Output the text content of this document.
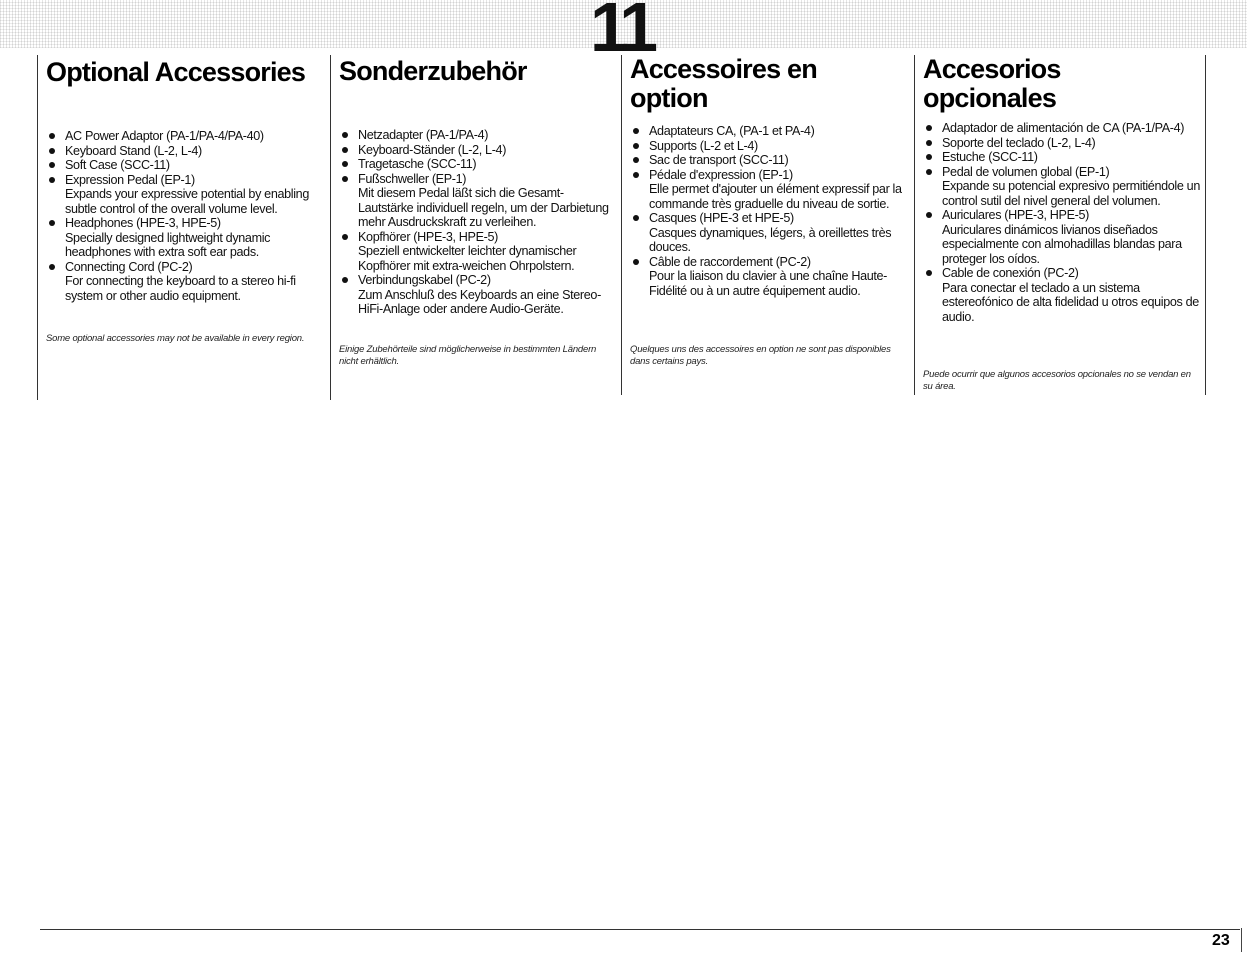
11
Optional Accessories
AC Power Adaptor (PA-1/PA-4/PA-40)
Keyboard Stand (L-2, L-4)
Soft Case (SCC-11)
Expression Pedal (EP-1)
Expands your expressive potential by enabling subtle control of the overall volume level.
Headphones (HPE-3, HPE-5)
Specially designed lightweight dynamic headphones with extra soft ear pads.
Connecting Cord (PC-2)
For connecting the keyboard to a stereo hi-fi system or other audio equipment.
Some optional accessories may not be available in every region.
Sonderzubehör
Netzadapter (PA-1/PA-4)
Keyboard-Ständer (L-2, L-4)
Tragetasche (SCC-11)
Fußschweller (EP-1)
Mit diesem Pedal läßt sich die Gesamt-Lautstärke individuell regeln, um der Darbietung mehr Ausdruckskraft zu verleihen.
Kopfhörer (HPE-3, HPE-5)
Speziell entwickelter leichter dynamischer Kopfhörer mit extra-weichen Ohrpolstern.
Verbindungskabel (PC-2)
Zum Anschluß des Keyboards an eine Stereo-HiFi-Anlage oder andere Audio-Geräte.
Einige Zubehörteile sind möglicherweise in bestimmten Ländern nicht erhältlich.
Accessoires en option
Adaptateurs CA, (PA-1 et PA-4)
Supports (L-2 et L-4)
Sac de transport (SCC-11)
Pédale d'expression (EP-1)
Elle permet d'ajouter un élément expressif par la commande très graduelle du niveau de sortie.
Casques (HPE-3 et HPE-5)
Casques dynamiques, légers, à oreillettes très douces.
Câble de raccordement (PC-2)
Pour la liaison du clavier à une chaîne Haute-Fidélité ou à un autre équipement audio.
Quelques uns des accessoires en option ne sont pas disponibles dans certains pays.
Accesorios opcionales
Adaptador de alimentación de CA (PA-1/PA-4)
Soporte del teclado (L-2, L-4)
Estuche (SCC-11)
Pedal de volumen global (EP-1)
Expande su potencial expresivo permitiéndole un control sutil del nivel general del volumen.
Auriculares (HPE-3, HPE-5)
Auriculares dinámicos livianos diseñados especialmente con almohadillas blandas para proteger los oídos.
Cable de conexión (PC-2)
Para conectar el teclado a un sistema estereofónico de alta fidelidad u otros equipos de audio.
Puede ocurrir que algunos accesorios opcionales no se vendan en su área.
23
